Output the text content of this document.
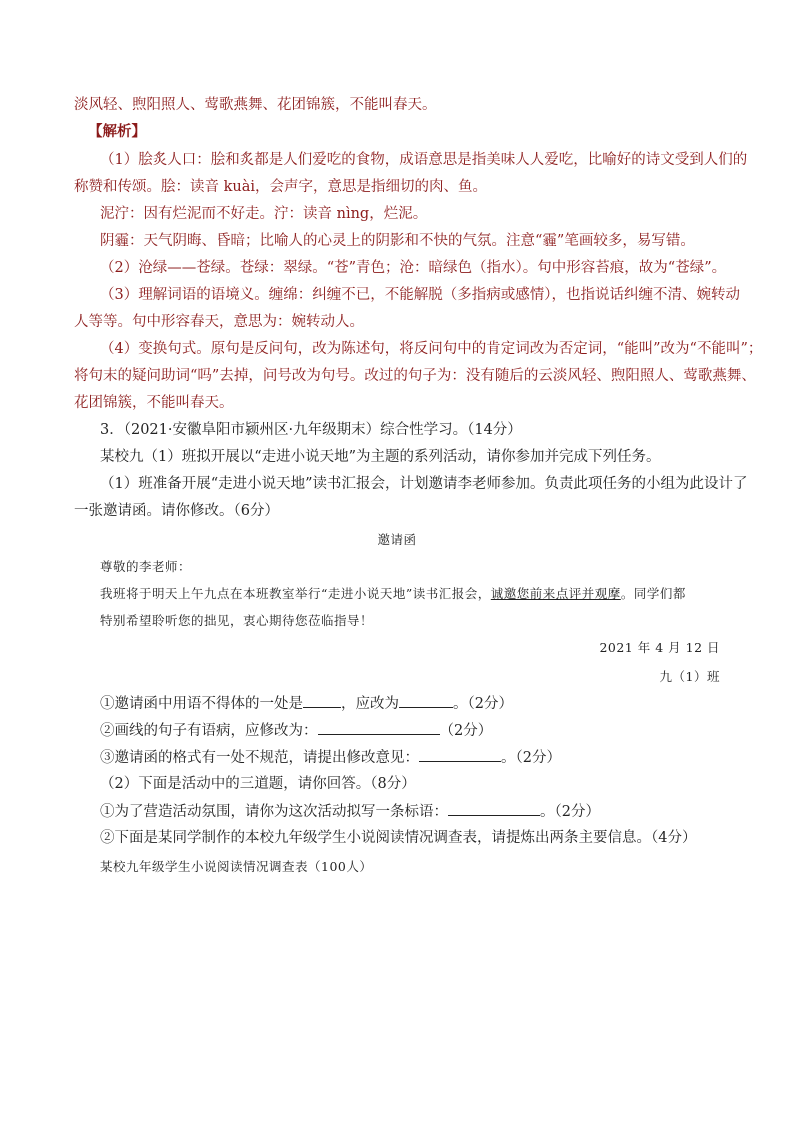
淡风轻、煦阳照人、莺歌燕舞、花团锦簇，不能叫春天。
【解析】
（1）脍炙人口：脍和炙都是人们爱吃的食物，成语意思是指美味人人爱吃，比喻好的诗文受到人们的
称赞和传颂。脍：读音 kuài，会声字，意思是指细切的肉、鱼。
泥泞：因有烂泥而不好走。泞：读音 nìng，烂泥。
阴霾：天气阴晦、昏暗；比喻人的心灵上的阴影和不快的气氛。注意“霾”笔画较多，易写错。
（2）沧绿——苍绿。苍绿：翠绿。“苍”青色；沧：暗绿色（指水）。句中形容苔痕，故为“苍绿”。
（3）理解词语的语境义。缠绵：纠缠不已，不能解脱（多指病或感情），也指说话纠缠不清、婉转动
人等等。句中形容春天，意思为：婉转动人。
（4）变换句式。原句是反问句，改为陈述句，将反问句中的肯定词改为否定词，“能叫”改为“不能叫”；
将句末的疑问助词“吗”去掉，问号改为句号。改过的句子为：没有随后的云淡风轻、煦阳照人、莺歌燕舞、
花团锦簇，不能叫春天。
3．（2021·安徽阜阳市颍州区·九年级期末）综合性学习。（14分）
某校九（1）班拟开展以“走进小说天地”为主题的系列活动，请你参加并完成下列任务。
（1）班准备开展“走进小说天地”读书汇报会，计划邀请李老师参加。负责此项任务的小组为此设计了
一张邀请函。请你修改。（6分）
邀请函
尊敬的李老师：
我班将于明天上午九点在本班教室举行“走进小说天地”读书汇报会，诚邀您前来点评并观摩。同学们都
特别希望聆听您的拙见，衷心期待您莅临指导！
2021 年 4 月 12 日
九（1）班
①邀请函中用语不得体的一处是	，应改为	。（2分）
②画线的句子有语病，应修改为：	（2分）
③邀请函的格式有一处不规范，请提出修改意见：	。（2分）
（2）下面是活动中的三道题，请你回答。（8分）
①为了营造活动氛围，请你为这次活动拟写一条标语：	。（2分）
②下面是某同学制作的本校九年级学生小说阅读情况调查表，请提炼出两条主要信息。（4分）
某校九年级学生小说阅读情况调查表（100人）
